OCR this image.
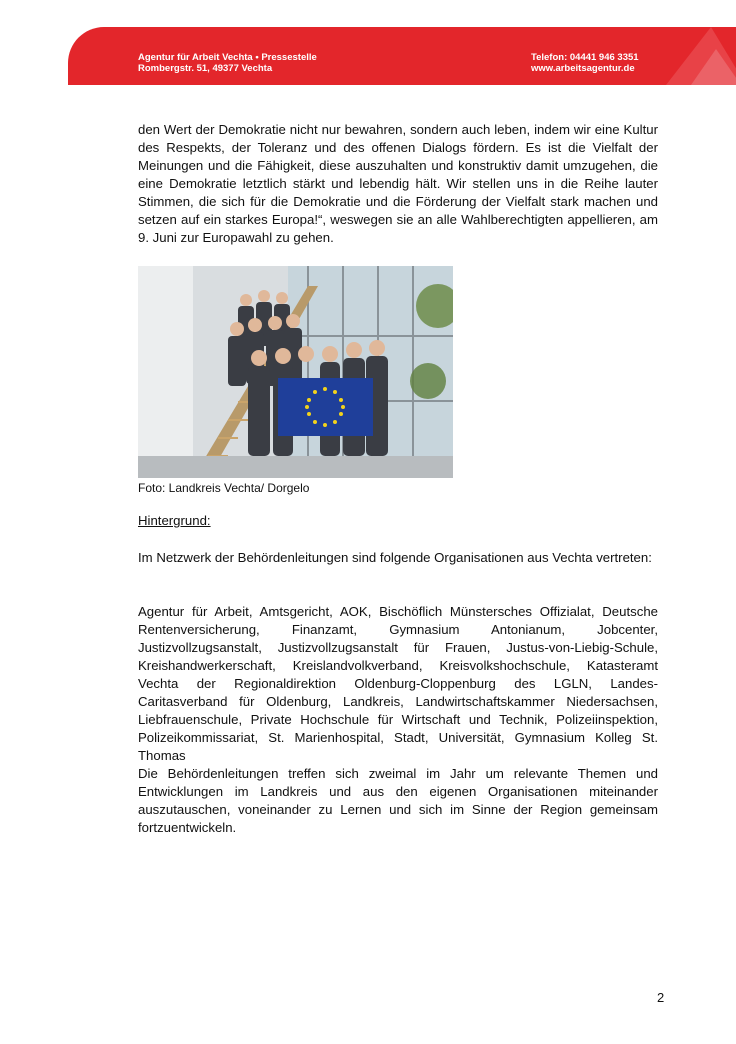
Agentur für Arbeit Vechta • Pressestelle
Rombergstr. 51, 49377 Vechta
Telefon: 04441 946 3351
www.arbeitsagentur.de

den Wert der Demokratie nicht nur bewahren, sondern auch leben, indem wir eine Kultur des Respekts, der Toleranz und des offenen Dialogs fördern. Es ist die Vielfalt der Meinungen und die Fähigkeit, diese auszuhalten und konstruktiv damit umzugehen, die eine Demokratie letztlich stärkt und lebendig hält. Wir stellen uns in die Reihe lauter Stimmen, die sich für die Demokratie und die Förderung der Vielfalt stark machen und setzen auf ein starkes Europa!“, weswegen sie an alle Wahlberechtigten appellieren, am 9. Juni zur Europawahl zu gehen.

Foto: Landkreis Vechta/ Dorgelo
Hintergrund:

Im Netzwerk der Behördenleitungen sind folgende Organisationen aus Vechta vertreten:

Agentur für Arbeit, Amtsgericht, AOK, Bischöflich Münstersches Offizialat, Deutsche Rentenversicherung, Finanzamt, Gymnasium Antonianum, Jobcenter, Justizvollzugsanstalt, Justizvollzugsanstalt für Frauen, Justus-von-Liebig-Schule, Kreishandwerkerschaft, Kreislandvolkverband, Kreisvolkshochschule, Katasteramt Vechta der Regionaldirektion Oldenburg-Cloppenburg des LGLN, Landes-Caritasverband für Oldenburg, Landkreis, Landwirtschaftskammer Niedersachsen, Liebfrauenschule, Private Hochschule für Wirtschaft und Technik, Polizeiinspektion, Polizeikommissariat, St. Marienhospital, Stadt, Universität, Gymnasium Kolleg St. Thomas

Die Behördenleitungen treffen sich zweimal im Jahr um relevante Themen und Entwicklungen im Landkreis und aus den eigenen Organisationen miteinander auszutauschen, voneinander zu Lernen und sich im Sinne der Region gemeinsam fortzuentwickeln.

2
